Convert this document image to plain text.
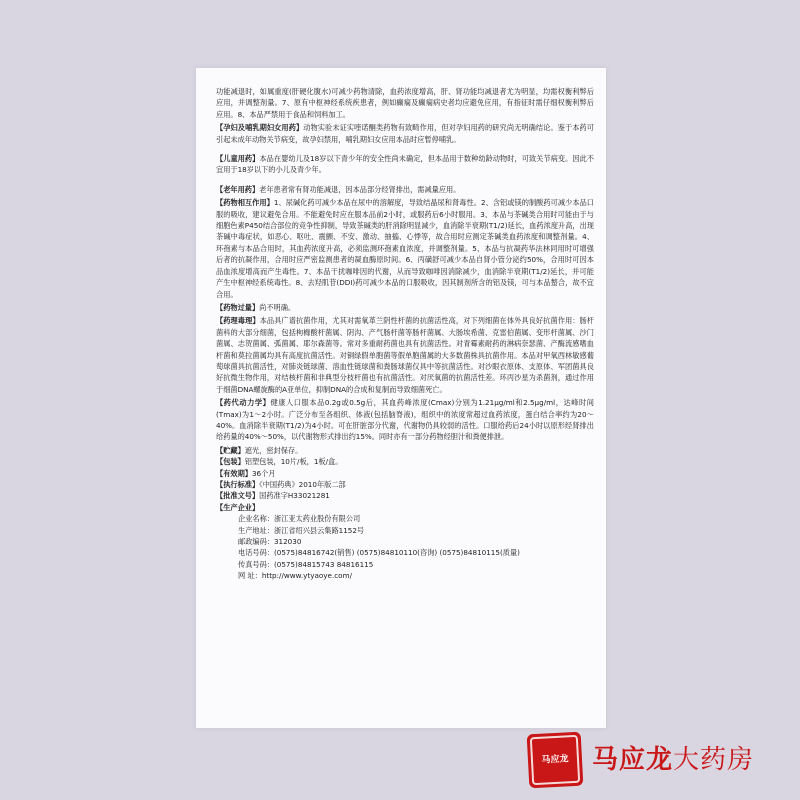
功能减退时，如属重度(肝硬化腹水)可减少药物清除，血药浓度增高，肝、肾功能均减退者尤为明显，均需权衡利弊后应用，并调整剂量。7、原有中枢神经系统疾患者，例如癫痫及癫痫病史者均应避免应用，有指征时需仔细权衡利弊后应用。8、本品严禁用于食品和饲料加工。

【孕妇及哺乳期妇女用药】动物实验未证实喹诺酮类药物有致畸作用，但对孕妇用药的研究尚无明确结论。鉴于本药可引起未成年动物关节病变，故孕妇禁用，哺乳期妇女应用本品时应暂停哺乳。

【儿童用药】本品在婴幼儿及18岁以下青少年的安全性尚未确定，但本品用于数种幼龄动物时，可致关节病变。因此不宜用于18岁以下的小儿及青少年。

【老年用药】老年患者常有肾功能减退，因本品部分经肾排出，需减量应用。

【药物相互作用】1、尿碱化药可减少本品在尿中的溶解度，导致结晶尿和肾毒性。2、含铝或镁的制酸药可减少本品口服的吸收，建议避免合用。不能避免时应在服本品前2小时，或服药后6小时服用。3、本品与茶碱类合用时可能由于与细胞色素P450结合部位的竞争性抑制，导致茶碱类的肝消除明显减少，血消除半衰期(T1/2)延长，血药浓度升高，出现茶碱中毒症状，如恶心、呕吐、震颤、不安、激动、抽搐、心悸等，故合用时应测定茶碱类血药浓度和调整剂量。4、环孢素与本品合用时，其血药浓度升高，必须监测环孢素血浓度，并调整剂量。5、本品与抗凝药华法林同用时可增强后者的抗凝作用，合用时应严密监测患者的凝血酶原时间。6、丙磺舒可减少本品自肾小管分泌约50%，合用时可因本品血浓度增高而产生毒性。7、本品干扰咖啡因的代谢，从而导致咖啡因消除减少，血消除半衰期(T1/2)延长，并可能产生中枢神经系统毒性。8、去羟肌苷(DDI)药可减少本品的口服吸收，因其制剂所含的铝及镁，可与本品螯合，故不宜合用。

【药物过量】尚不明确。

【药理毒理】本品具广谱抗菌作用，尤其对需氧革兰阴性杆菌的抗菌活性高，对下列细菌在体外具良好抗菌作用：肠杆菌科的大部分细菌，包括枸橼酸杆菌属、阴沟、产气肠杆菌等肠杆菌属、大肠埃希菌、克雷伯菌属、变形杆菌属、沙门菌属、志贺菌属、弧菌属、耶尔森菌等。常对多重耐药菌也具有抗菌活性。对青霉素耐药的淋病奈瑟菌、产酶流感嗜血杆菌和莫拉菌属均具有高度抗菌活性。对铜绿假单胞菌等假单胞菌属的大多数菌株具抗菌作用。本品对甲氧西林敏感葡萄球菌具抗菌活性，对肺炎链球菌、溶血性链球菌和粪肠球菌仅具中等抗菌活性。对沙眼衣原体、支原体、军团菌具良好抗微生物作用，对结核杆菌和非典型分枝杆菌也有抗菌活性。对厌氧菌的抗菌活性差。环丙沙星为杀菌剂，通过作用于细菌DNA螺旋酶的A亚单位，抑制DNA的合成和复制而导致细菌死亡。

【药代动力学】健康人口服本品0.2g或0.5g后，其血药峰浓度(Cmax)分别为1.21μg/ml和2.5μg/ml，达峰时间(Tmax)为1～2小时。广泛分布至各组织、体液(包括脑脊液)，组织中的浓度常超过血药浓度，蛋白结合率约为20～40%。血消除半衰期(T1/2)为4小时。可在肝脏部分代谢，代谢物仍具较弱的活性。口服给药后24小时以原形经肾排出给药量的40%～50%，以代谢物形式排出约15%。同时亦有一部分药物经胆汁和粪便排泄。

【贮藏】遮光，密封保存。

【包装】铝塑包装，10片/板，1板/盒。

【有效期】36个月

【执行标准】《中国药典》2010年版二部

【批准文号】国药准字H33021281

【生产企业】

企业名称：浙江亚太药业股份有限公司

生产地址：浙江省绍兴县云集路1152号

邮政编码：312030

电话号码：(0575)84816742(销售) (0575)84810110(咨询) (0575)84810115(质量)

传真号码：(0575)84815743 84816115

网 址：http://www.ytyaoye.com/

马应龙 马应龙大药房
